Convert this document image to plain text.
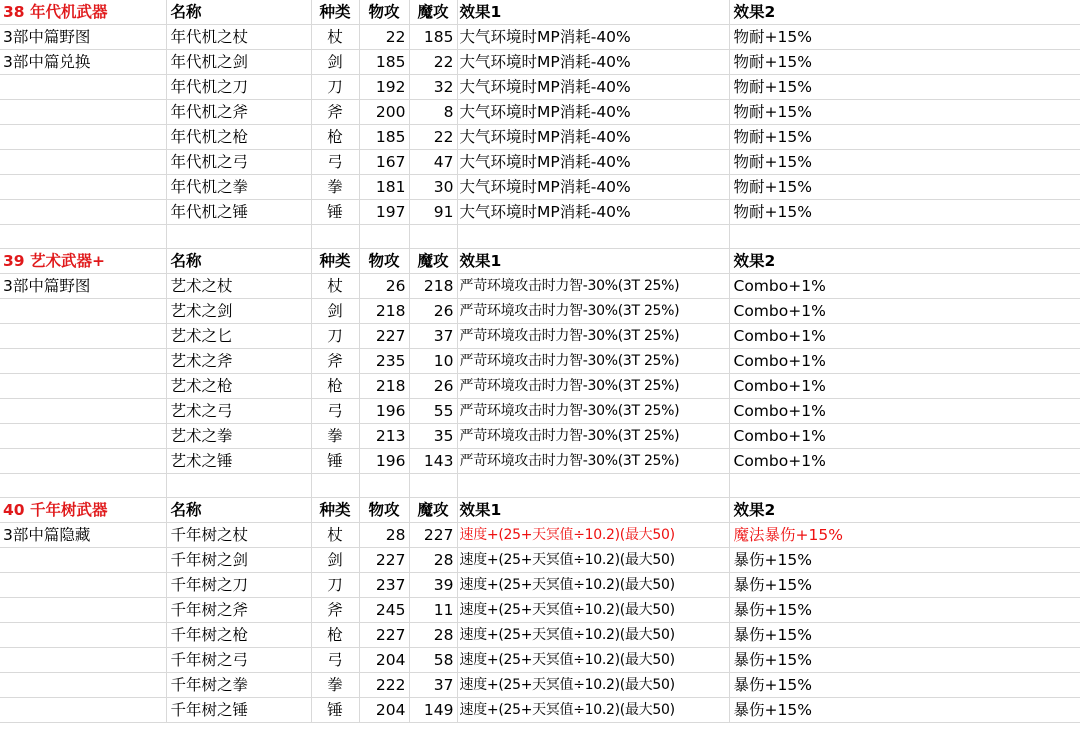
38 年代机武器	名称	种类	物攻	魔攻	效果1	效果2
3部中篇野图	年代机之杖	杖	22	185	大气环境时MP消耗-40%	物耐+15%
3部中篇兑换	年代机之剑	剑	185	22	大气环境时MP消耗-40%	物耐+15%
	年代机之刀	刀	192	32	大气环境时MP消耗-40%	物耐+15%
	年代机之斧	斧	200	8	大气环境时MP消耗-40%	物耐+15%
	年代机之枪	枪	185	22	大气环境时MP消耗-40%	物耐+15%
	年代机之弓	弓	167	47	大气环境时MP消耗-40%	物耐+15%
	年代机之拳	拳	181	30	大气环境时MP消耗-40%	物耐+15%
	年代机之锤	锤	197	91	大气环境时MP消耗-40%	物耐+15%

39 艺术武器+	名称	种类	物攻	魔攻	效果1	效果2
3部中篇野图	艺术之杖	杖	26	218	严苛环境攻击时力智-30%(3T 25%)	Combo+1%
	艺术之剑	剑	218	26	严苛环境攻击时力智-30%(3T 25%)	Combo+1%
	艺术之匕	刀	227	37	严苛环境攻击时力智-30%(3T 25%)	Combo+1%
	艺术之斧	斧	235	10	严苛环境攻击时力智-30%(3T 25%)	Combo+1%
	艺术之枪	枪	218	26	严苛环境攻击时力智-30%(3T 25%)	Combo+1%
	艺术之弓	弓	196	55	严苛环境攻击时力智-30%(3T 25%)	Combo+1%
	艺术之拳	拳	213	35	严苛环境攻击时力智-30%(3T 25%)	Combo+1%
	艺术之锤	锤	196	143	严苛环境攻击时力智-30%(3T 25%)	Combo+1%

40 千年树武器	名称	种类	物攻	魔攻	效果1	效果2
3部中篇隐藏	千年树之杖	杖	28	227	速度+(25+天冥值÷10.2)(最大50)	魔法暴伤+15%
	千年树之剑	剑	227	28	速度+(25+天冥值÷10.2)(最大50)	暴伤+15%
	千年树之刀	刀	237	39	速度+(25+天冥值÷10.2)(最大50)	暴伤+15%
	千年树之斧	斧	245	11	速度+(25+天冥值÷10.2)(最大50)	暴伤+15%
	千年树之枪	枪	227	28	速度+(25+天冥值÷10.2)(最大50)	暴伤+15%
	千年树之弓	弓	204	58	速度+(25+天冥值÷10.2)(最大50)	暴伤+15%
	千年树之拳	拳	222	37	速度+(25+天冥值÷10.2)(最大50)	暴伤+15%
	千年树之锤	锤	204	149	速度+(25+天冥值÷10.2)(最大50)	暴伤+15%
